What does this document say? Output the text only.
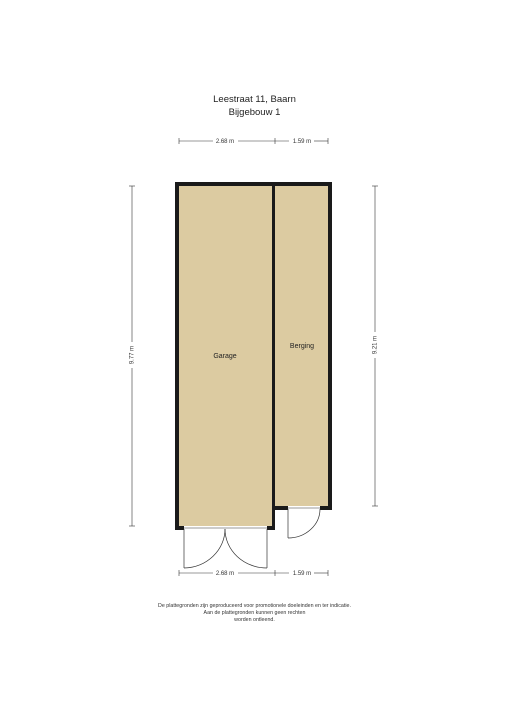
Leestraat 11, Baarn
Bijgebouw 1
Garage
Berging
2.68 m	1.59 m
2.68 m	1.59 m
9.77 m
9.21 m
De plattegronden zijn geproduceerd voor promotionele doeleinden en ter indicatie.
Aan de plattegronden kunnen geen rechten
worden ontleend.
